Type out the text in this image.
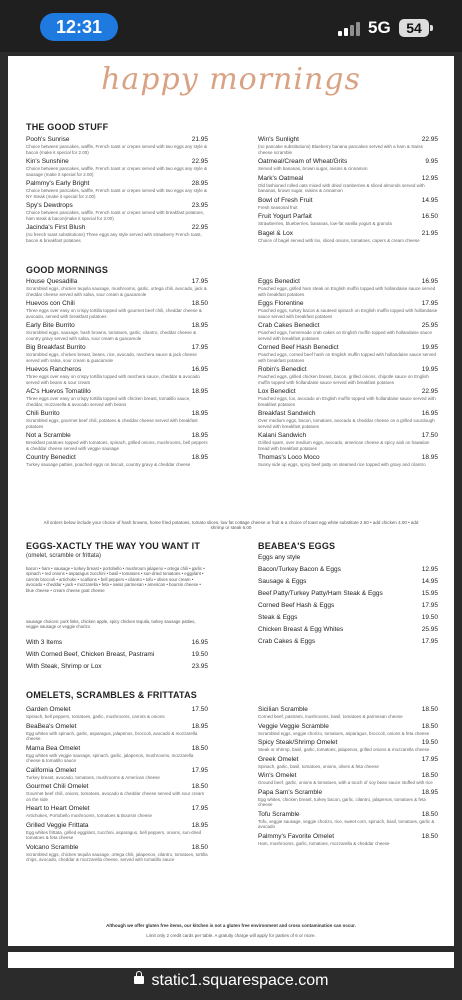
12:31	5G	54
happy mornings
THE GOOD STUFF
Pooh's Sunrise	21.95
Choice between pancakes, waffle, French toast or crepes served with two eggs any style & bacon (make it special for 2.00)
Kin's Sunshine	22.95
Choice between pancakes, waffle, French toast or crepes served with two eggs any style & sausage (make it special for 2.00)
Palmmy's Early Bright	28.95
Choice between pancakes, waffle, French toast or crepes served with two eggs any style & NY Steak (make it special for 2.00)
Spy's Dewdrops	23.95
Choice between pancakes, waffle, French toast or crepes served with breakfast potatoes, ham steak & bacon(make it special for 2.00)
Jacinda's First Blush	22.95
(no french toast substitutions) Three eggs any style served with strawberry French toast, bacon & breakfast potatoes
Win's Sunlight	22.95
(no pancake substitutions) Blueberry banana pancakes served with a ham & Swiss cheese scramble
Oatmeal/Cream of Wheat/Grits	9.95
Served with bananas, brown sugar, raisins & cinnamon
Mark's Oatmeal	12.95
Old fashioned rolled oats mixed with dried cranberries & sliced almonds served with bananas, brown sugar, raisins & cinnamon
Bowl of Fresh Fruit	14.95
Fresh seasonal fruit
Fruit Yogurt Parfait	16.50
Strawberries, blueberries, bananas, low-fat vanilla yogurt & granola
Bagel & Lox	21.95
Choice of bagel served with lox, sliced onions, tomatoes, capers & cream cheese
GOOD MORNINGS
House Quesadilla	17.95
Scrambled eggs, chicken tequila sausage, mushrooms, garlic, ortega chili, avocado, jack & cheddar cheese served with salsa, sour cream & guacamole
Huevos con Chili	18.50
Three eggs over easy on crispy tortilla topped with gourmet beef chili, cheddar cheese & avocado, served with breakfast potatoes
Early Bite Burrito	18.95
Scrambled eggs, sausage, hash browns, tomatoes, garlic, cilantro, cheddar cheese & country gravy served with salsa, sour cream & guacamole
Big Breakfast Burrito	17.95
Scrambled eggs, chicken breast, beans, rice, avocado, ranchera sauce & jack cheese served with salsa, sour cream & guacamole
Huevos Rancheros	16.95
Three eggs over easy on crispy tortilla topped with ranchera sauce, cheddar & avocado served with beans & sour cream
AC's Huevos Tomatillo	18.95
Three eggs over easy on crispy tortilla topped with chicken breast, tomatillo sauce, cheddar, mozzarella & avocado served with beans
Chili Burrito	18.95
Scrambled eggs, gourmet beef chili, potatoes & cheddar cheese served with breakfast potatoes
Not a Scramble	18.95
Breakfast potatoes topped with tomatoes, spinach, grilled onions, mushrooms, bell peppers & cheddar cheese served with veggie sausage
Country Benedict	18.95
Turkey sausage patties, poached eggs on biscuit, country gravy & cheddar cheese
Eggs Benedict	16.95
Poached eggs, grilled ham steak on English muffin topped with hollandaise sauce served with breakfast potatoes
Eggs Florentine	17.95
Poached eggs, turkey bacon & sauteed spinach on English muffin topped with hollandaise sauce served with breakfast potatoes
Crab Cakes Benedict	25.95
Poached eggs, homemade crab cakes on English muffin topped with hollandaise sauce served with breakfast potatoes
Corned Beef Hash Benedict	19.95
Poached eggs, corned beef hash on English muffin topped with hollandaise sauce served with breakfast potatoes
Robin's Benedict	19.95
Poached eggs, grilled chicken breast, bacon, grilled onions, chipotle sauce on English muffin topped with hollandaise sauce served with breakfast potatoes
Lox Benedict	22.95
Poached eggs, lox, avocado on English muffin topped with hollandaise sauce served with breakfast potatoes
Breakfast Sandwich	16.95
Over medium eggs, bacon, tomatoes, avocado & cheddar cheese on a grilled sourdough served with breakfast potatoes
Kalani Sandwich	17.50
Grilled spam, over medium eggs, avocado, american cheese & spicy aioli on hawaiian bread with breakfast potatoes
Thomas's Loco Moco	18.95
Sunny side up eggs, spicy beef patty on steamed rice topped with gravy and cilantro
All orders below include your choice of hash browns, home fried potatoes, tomato slices, low fat cottage cheese or fruit & a choice of toast egg white substitute 2.50 • add chicken 4.00 • add shrimp or steak 6.00
EGGS-XACTLY THE WAY YOU WANT IT
(omelet, scramble or frittata)
bacon • ham • sausage • turkey breast • portobello • mushroom jalapeno • ortega chili • garlic • spinach • red onions • asparagus zucchini • basil • tomatoes • sun-dried tomatoes • eggplant • carrots broccoli • artichoke • scallions • bell peppers • cilantro • tofu • olives sour cream • avocado • cheddar • jack • mozzarella • feta • swiss parmesan • american • boursin cheese • blue cheese • cream cheese goat cheese
sausage choices: pork links, chicken apple, spicy chicken tequila, turkey sausage patties, veggie sausage or veggie chorizo
With 3 Items	16.95
With Corned Beef, Chicken Breast, Pastrami	19.50
With Steak, Shrimp or Lox	23.95
BEABEA'S EGGS
Eggs any style
Bacon/Turkey Bacon & Eggs	12.95
Sausage & Eggs	14.95
Beef Patty/Turkey Patty/Ham Steak & Eggs	15.95
Corned Beef Hash & Eggs	17.95
Steak & Eggs	19.50
Chicken Breast & Egg Whites	25.95
Crab Cakes & Eggs	17.95
OMELETS, SCRAMBLES & FRITTATAS
Garden Omelet	17.50
Spinach, bell peppers, tomatoes, garlic, mushrooms, carrots & onions
BeaBea's Omelet	18.95
Egg whites with spinach, garlic, asparagus, jalapenos, broccoli, avocado & mozzarella cheese
Mama Bea Omelet	18.50
Egg whites with veggie sausage, spinach, garlic, jalapenos, mushrooms, mozzarella cheese & tomatillo sauce
California Omelet	17.95
Turkey breast, avocado, tomatoes, mushrooms & American cheese
Gourmet Chili Omelet	18.50
Gourmet beef chili, onions, tomatoes, avocado & cheddar cheese served with sour cream on the side
Heart to Heart Omelet	17.95
Artichokes, Portobello mushrooms, tomatoes & Boursin cheese
Grilled Veggie Frittata	18.95
Egg whites frittata, grilled eggplant, zucchini, asparagus, bell peppers, onions, sun-dried tomatoes & feta cheese
Volcano Scramble	18.50
Scrambled eggs, chicken tequila sausage, ortega chili, jalapenos, cilantro, tomatoes, tortilla chips, avocado, cheddar & mozzarella cheese, served with tomatillo sauce
Sicilian Scramble	18.50
Corned beef, pastrami, mushrooms, basil, tomatoes & parmesan cheese
Veggie Veggie Scramble	18.50
Scrambled eggs, veggie chorizo, tomatoes, asparagus, broccoli, onions & feta cheese
Spicy Steak/Shrimp Omelet	19.50
Steak or shrimp, basil, garlic, tomatoes, jalapenos, grilled onions & mozzarella cheese
Greek Omelet	17.95
Spinach, garlic, basil, tomatoes, onions, olives & feta cheese
Win's Omelet	18.50
Ground beef, garlic, onions & tomatoes, with a touch of soy bean sauce stuffed with rice
Papa Sam's Scramble	18.95
Egg whites, chicken breast, turkey bacon, garlic, cilantro, jalapenos, tomatoes & feta cheese
Tofu Scramble	18.50
Tofu, veggie sausage, veggie chorizo, rice, sweet corn, spinach, basil, tomatoes, garlic & avocado
Palmmy's Favorite Omelet	18.50
Ham, mushrooms, garlic, tomatoes, mozzarella & cheddar cheese
Although we offer gluten free items, our kitchen is not a gluten free environment and cross contamination can occur.
Limit only 2 credit cards per table. A gratuity charge will apply for parties of 6 or more.
static1.squarespace.com
